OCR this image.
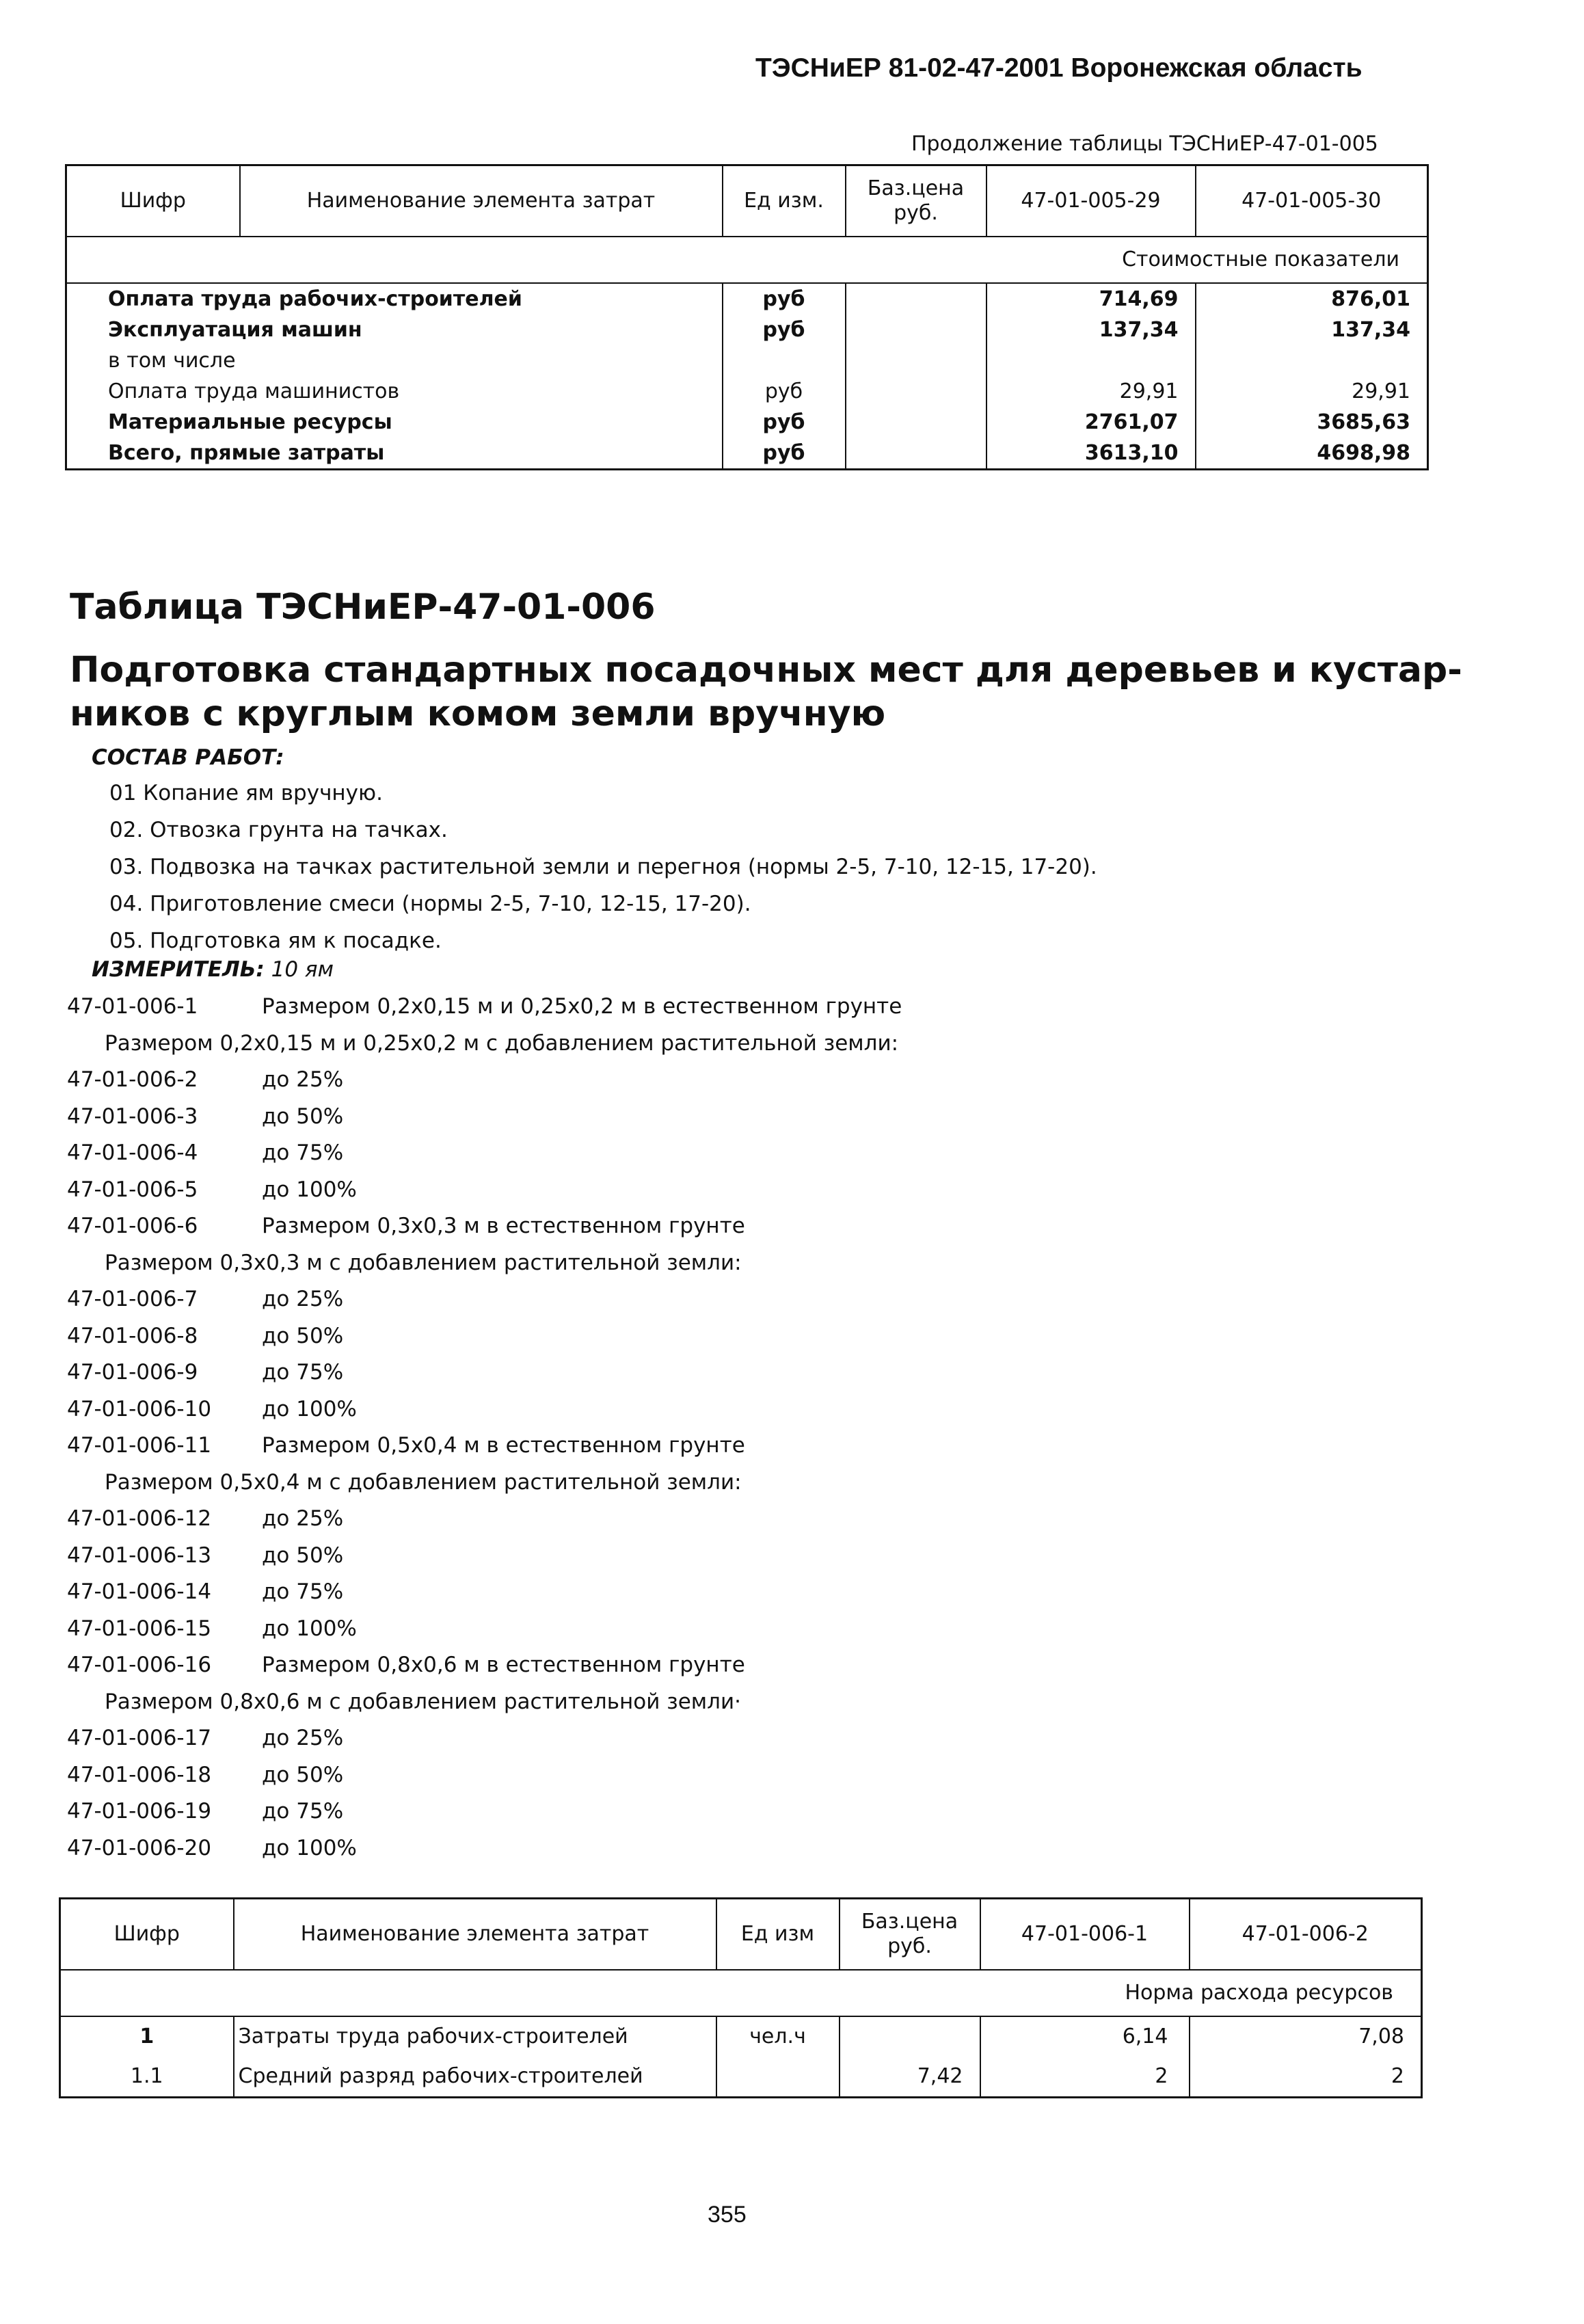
ТЭСНиЕР 81-02-47-2001 Воронежская область
Продолжение таблицы ТЭСНиЕР-47-01-005
Шифр	Наименование элемента затрат	Ед изм.	Баз.цена
руб.	47-01-005-29	47-01-005-30
Стоимостные показатели					
Оплата труда рабочих-строителей		руб		714,69	876,01
Эксплуатация машин		руб		137,34	137,34
в том числе					
Оплата труда машинистов		руб		29,91	29,91
Материальные ресурсы		руб		2761,07	3685,63
Всего, прямые затраты		руб		3613,10	4698,98
Таблица ТЭСНиЕР-47-01-006
Подготовка стандартных посадочных мест для деревьев и кустар-ников с круглым комом земли вручную
СОСТАВ РАБОТ:
01 Копание ям вручную.
02. Отвозка грунта на тачках.
03. Подвозка на тачках растительной земли и перегноя (нормы 2-5, 7-10, 12-15, 17-20).
04. Приготовление смеси (нормы 2-5, 7-10, 12-15, 17-20).
05. Подготовка ям к посадке.
ИЗМЕРИТЕЛЬ: 10 ям
47-01-006-1	Размером 0,2x0,15 м и 0,25x0,2 м в естественном грунте
Размером 0,2x0,15 м и 0,25x0,2 м с добавлением растительной земли:
47-01-006-2	до 25%
47-01-006-3	до 50%
47-01-006-4	до 75%
47-01-006-5	до 100%
47-01-006-6	Размером 0,3x0,3 м в естественном грунте
Размером 0,3x0,3 м с добавлением растительной земли:
47-01-006-7	до 25%
47-01-006-8	до 50%
47-01-006-9	до 75%
47-01-006-10 до 100%
47-01-006-11 Размером 0,5x0,4 м в естественном грунте
Размером 0,5x0,4 м с добавлением растительной земли:
47-01-006-12 до 25%
47-01-006-13 до 50%
47-01-006-14 до 75%
47-01-006-15 до 100%
47-01-006-16 Размером 0,8x0,6 м в естественном грунте
Размером 0,8x0,6 м с добавлением растительной земли·
47-01-006-17 до 25%
47-01-006-18 до 50%
47-01-006-19 до 75%
47-01-006-20 до 100%
Шифр	Наименование элемента затрат	Ед изм	Баз.цена
руб.	47-01-006-1	47-01-006-2
Норма расхода ресурсов					
1	Затраты труда рабочих-строителей	чел.ч		6,14	7,08
1.1	Средний разряд рабочих-строителей		7,42	2	2
355
